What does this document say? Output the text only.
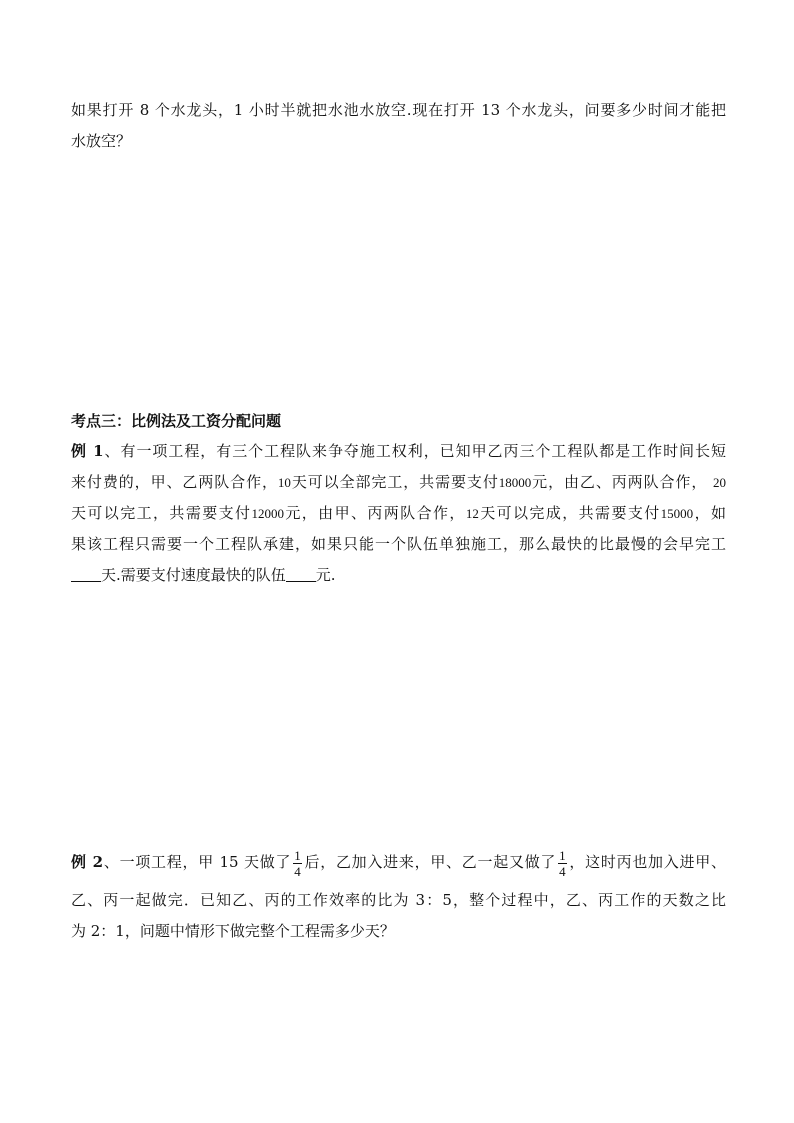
如果打开 8 个水龙头，1 小时半就把水池水放空.现在打开 13 个水龙头，问要多少时间才能把
水放空？
考点三：比例法及工资分配问题
例 1、有一项工程，有三个工程队来争夺施工权利，已知甲乙丙三个工程队都是工作时间长短
来付费的，甲、乙两队合作，10天可以全部完工，共需要支付18000元，由乙、丙两队合作， 20
天可以完工，共需要支付12000元，由甲、丙两队合作，12天可以完成，共需要支付15000，如
果该工程只需要一个工程队承建，如果只能一个队伍单独施工，那么最快的比最慢的会早完工
天.需要支付速度最快的队伍 元.
例 2、一项工程，甲 15 天做了 $\frac{1}{4}$ 后，乙加入进来，甲、乙一起又做了 $\frac{1}{4}$ ，这时丙也加入进甲、
乙、丙一起做完．已知乙、丙的工作效率的比为 3：5，整个过程中，乙、丙工作的天数之比
为 2：1，问题中情形下做完整个工程需多少天？
